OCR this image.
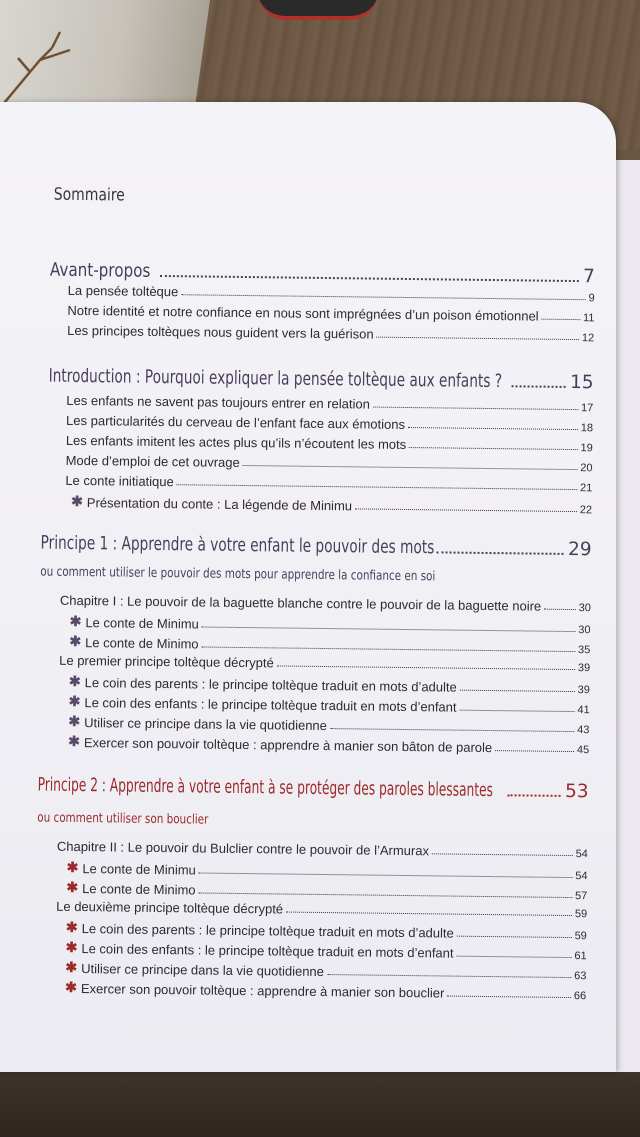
Sommaire
Avant-propos	7
La pensée toltèque	9
Notre identité et notre confiance en nous sont imprégnées d’un poison émotionnel	11
Les principes toltèques nous guident vers la guérison	12
Introduction : Pourquoi expliquer la pensée toltèque aux enfants ?	15
Les enfants ne savent pas toujours entrer en relation	17
Les particularités du cerveau de l’enfant face aux émotions	18
Les enfants imitent les actes plus qu’ils n’écoutent les mots	19
Mode d’emploi de cet ouvrage	20
Le conte initiatique	21
✱ Présentation du conte : La légende de Minimu	22
Principe 1 : Apprendre à votre enfant le pouvoir des mots	29
ou comment utiliser le pouvoir des mots pour apprendre la confiance en soi
Chapitre I : Le pouvoir de la baguette blanche contre le pouvoir de la baguette noire	30
✱ Le conte de Minimu	30
✱ Le conte de Minimo	35
Le premier principe toltèque décrypté	39
✱ Le coin des parents : le principe toltèque traduit en mots d’adulte	39
✱ Le coin des enfants : le principe toltèque traduit en mots d’enfant	41
✱ Utiliser ce principe dans la vie quotidienne	43
✱ Exercer son pouvoir toltèque : apprendre à manier son bâton de parole	45
Principe 2 : Apprendre à votre enfant à se protéger des paroles blessantes	53
ou comment utiliser son bouclier
Chapitre II : Le pouvoir du Bulclier contre le pouvoir de l’Armurax	54
✱ Le conte de Minimu	54
✱ Le conte de Minimo	57
Le deuxième principe toltèque décrypté	59
✱ Le coin des parents : le principe toltèque traduit en mots d’adulte	59
✱ Le coin des enfants : le principe toltèque traduit en mots d’enfant	61
✱ Utiliser ce principe dans la vie quotidienne	63
✱ Exercer son pouvoir toltèque : apprendre à manier son bouclier	66
